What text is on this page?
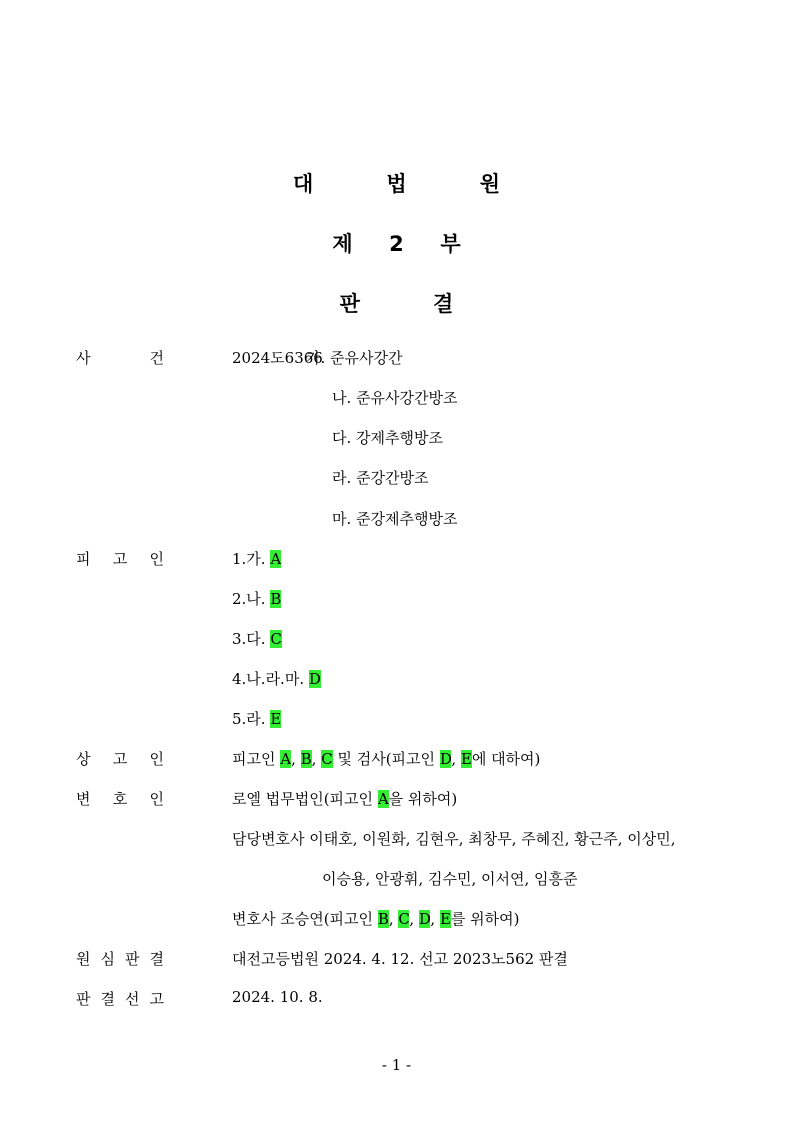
대          법          원
제     2     부
판          결
사	건	2024도6366
가. 준유사강간
나. 준유사강간방조
다. 강제추행방조
라. 준강간방조
마. 준강제추행방조
피 고 인	1.가. A
2.나. B
3.다. C
4.나.라.마. D
5.라. E
상 고 인	피고인 A, B, C 및 검사(피고인 D, E에 대하여)
변 호 인	로엘 법무법인(피고인 A을 위하여)
담당변호사 이태호, 이원화, 김현우, 최창무, 주혜진, 황근주, 이상민,
이승용, 안광휘, 김수민, 이서연, 임흥준
변호사 조승연(피고인 B, C, D, E를 위하여)
원 심 판 결	대전고등법원 2024. 4. 12. 선고 2023노562 판결
판 결 선 고	2024. 10. 8.
- 1 -
